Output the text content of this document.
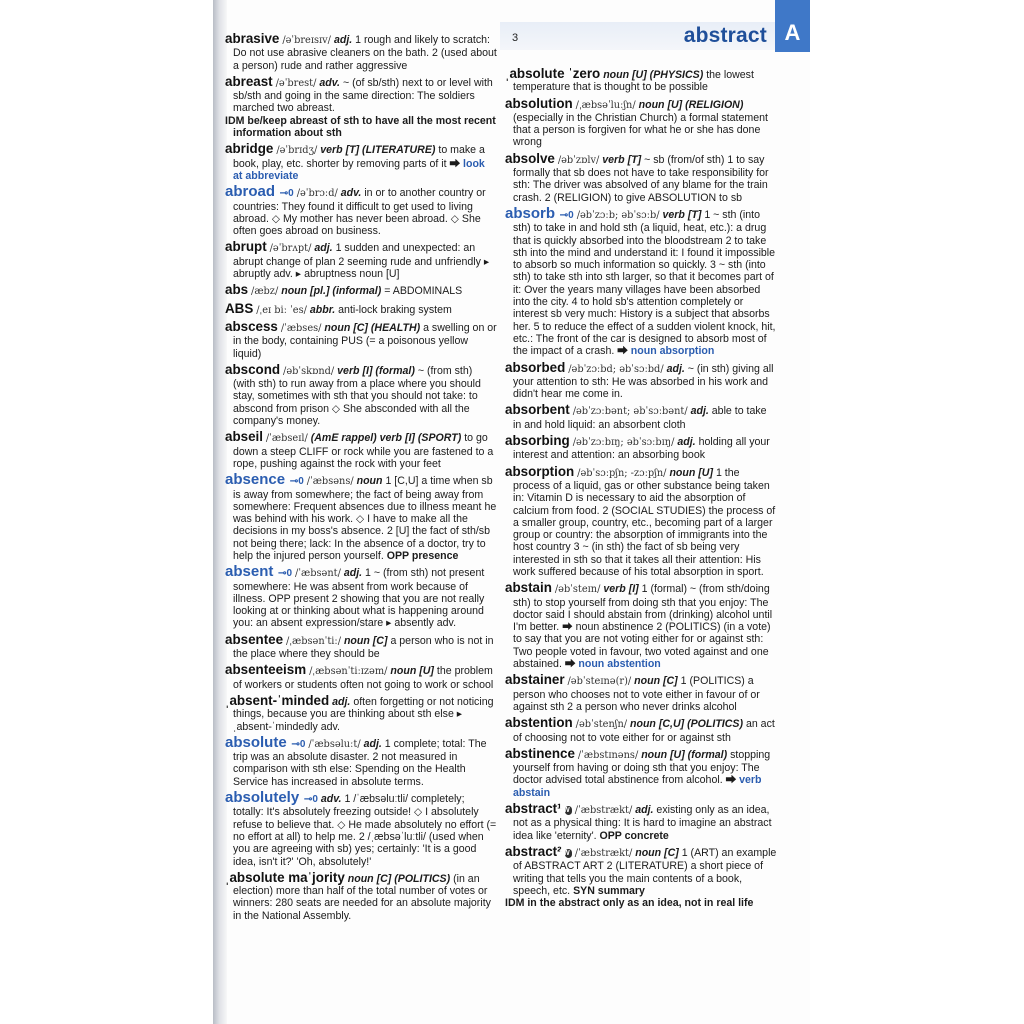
3	abstract A
abrasive /əˈbreɪsɪv/ adj. 1 rough and likely to scratch: Do not use abrasive cleaners on the bath. 2 (used about a person) rude and rather aggressive
abreast /əˈbrest/ adv. ~ (of sb/sth) next to or level with sb/sth and going in the same direction: The soldiers marched two abreast.
IDM be/keep abreast of sth to have all the most recent information about sth
abridge /əˈbrɪdʒ/ verb [T] (LITERATURE) to make a book, play, etc. shorter by removing parts of it ⮕ look at abbreviate
abroad ⊸0 /əˈbrɔːd/ adv. in or to another country or countries: They found it difficult to get used to living abroad. ◇ My mother has never been abroad. ◇ She often goes abroad on business.
abrupt /əˈbrʌpt/ adj. 1 sudden and unexpected: an abrupt change of plan 2 seeming rude and unfriendly ▸ abruptly adv. ▸ abruptness noun [U]
abs /æbz/ noun [pl.] (informal) = ABDOMINALS
ABS /ˌeɪ biː ˈes/ abbr. anti-lock braking system
abscess /ˈæbses/ noun [C] (HEALTH) a swelling on or in the body, containing PUS (= a poisonous yellow liquid)
abscond /əbˈskɒnd/ verb [I] (formal) ~ (from sth) (with sth) to run away from a place where you should stay, sometimes with sth that you should not take: to abscond from prison ◇ She absconded with all the company's money.
abseil /ˈæbseɪl/ (AmE rappel) verb [I] (SPORT) to go down a steep CLIFF or rock while you are fastened to a rope, pushing against the rock with your feet
absence ⊸0 /ˈæbsəns/ noun 1 [C,U] a time when sb is away from somewhere; the fact of being away from somewhere: Frequent absences due to illness meant he was behind with his work. ◇ I have to make all the decisions in my boss's absence. 2 [U] the fact of sth/sb not being there; lack: In the absence of a doctor, try to help the injured person yourself. OPP presence
absent ⊸0 /ˈæbsənt/ adj. 1 ~ (from sth) not present somewhere: He was absent from work because of illness. OPP present 2 showing that you are not really looking at or thinking about what is happening around you: an absent expression/stare ▸ absently adv.
absentee /ˌæbsənˈtiː/ noun [C] a person who is not in the place where they should be
absenteeism /ˌæbsənˈtiːɪzəm/ noun [U] the problem of workers or students often not going to work or school
ˌabsent-ˈminded adj. often forgetting or not noticing things, because you are thinking about sth else ▸ ˌabsent-ˈmindedly adv.
absolute ⊸0 /ˈæbsəluːt/ adj. 1 complete; total: The trip was an absolute disaster. 2 not measured in comparison with sth else: Spending on the Health Service has increased in absolute terms.
absolutely ⊸0 adv. 1 /ˈæbsəluːtli/ completely; totally: It's absolutely freezing outside! ◇ I absolutely refuse to believe that. ◇ He made absolutely no effort (= no effort at all) to help me. 2 /ˌæbsəˈluːtli/ (used when you are agreeing with sb) yes; certainly: 'It is a good idea, isn't it?' 'Oh, absolutely!'
ˌabsolute maˈjority noun [C] (POLITICS) (in an election) more than half of the total number of votes or winners: 280 seats are needed for an absolute majority in the National Assembly.
ˌabsolute ˈzero noun [U] (PHYSICS) the lowest temperature that is thought to be possible
absolution /ˌæbsəˈluːʃn/ noun [U] (RELIGION) (especially in the Christian Church) a formal statement that a person is forgiven for what he or she has done wrong
absolve /əbˈzɒlv/ verb [T] ~ sb (from/of sth) 1 to say formally that sb does not have to take responsibility for sth: The driver was absolved of any blame for the train crash. 2 (RELIGION) to give ABSOLUTION to sb
absorb ⊸0 /əbˈzɔːb; əbˈsɔːb/ verb [T] 1 ~ sth (into sth) to take in and hold sth (a liquid, heat, etc.): a drug that is quickly absorbed into the bloodstream 2 to take sth into the mind and understand it: I found it impossible to absorb so much information so quickly. 3 ~ sth (into sth) to take sth into sth larger, so that it becomes part of it: Over the years many villages have been absorbed into the city. 4 to hold sb's attention completely or interest sb very much: History is a subject that absorbs her. 5 to reduce the effect of a sudden violent knock, hit, etc.: The front of the car is designed to absorb most of the impact of a crash. ⮕ noun absorption
absorbed /əbˈzɔːbd; əbˈsɔːbd/ adj. ~ (in sth) giving all your attention to sth: He was absorbed in his work and didn't hear me come in.
absorbent /əbˈzɔːbənt; əbˈsɔːbənt/ adj. able to take in and hold liquid: an absorbent cloth
absorbing /əbˈzɔːbɪŋ; əbˈsɔːbɪŋ/ adj. holding all your interest and attention: an absorbing book
absorption /əbˈsɔːpʃn; -zɔːpʃn/ noun [U] 1 the process of a liquid, gas or other substance being taken in: Vitamin D is necessary to aid the absorption of calcium from food. 2 (SOCIAL STUDIES) the process of a smaller group, country, etc., becoming part of a larger group or country: the absorption of immigrants into the host country 3 ~ (in sth) the fact of sb being very interested in sth so that it takes all their attention: His work suffered because of his total absorption in sport.
abstain /əbˈsteɪn/ verb [I] 1 (formal) ~ (from sth/doing sth) to stop yourself from doing sth that you enjoy: The doctor said I should abstain from (drinking) alcohol until I'm better. ⮕ noun abstinence 2 (POLITICS) (in a vote) to say that you are not voting either for or against sth: Two people voted in favour, two voted against and one abstained. ⮕ noun abstention
abstainer /əbˈsteɪnə(r)/ noun [C] 1 (POLITICS) a person who chooses not to vote either in favour of or against sth 2 a person who never drinks alcohol
abstention /əbˈstenʃn/ noun [C,U] (POLITICS) an act of choosing not to vote either for or against sth
abstinence /ˈæbstɪnəns/ noun [U] (formal) stopping yourself from having or doing sth that you enjoy: The doctor advised total abstinence from alcohol. ⮕ verb abstain
abstract¹ AW /ˈæbstrækt/ adj. existing only as an idea, not as a physical thing: It is hard to imagine an abstract idea like 'eternity'. OPP concrete
abstract² AW /ˈæbstrækt/ noun [C] 1 (ART) an example of ABSTRACT ART 2 (LITERATURE) a short piece of writing that tells you the main contents of a book, speech, etc. SYN summary
IDM in the abstract only as an idea, not in real life
